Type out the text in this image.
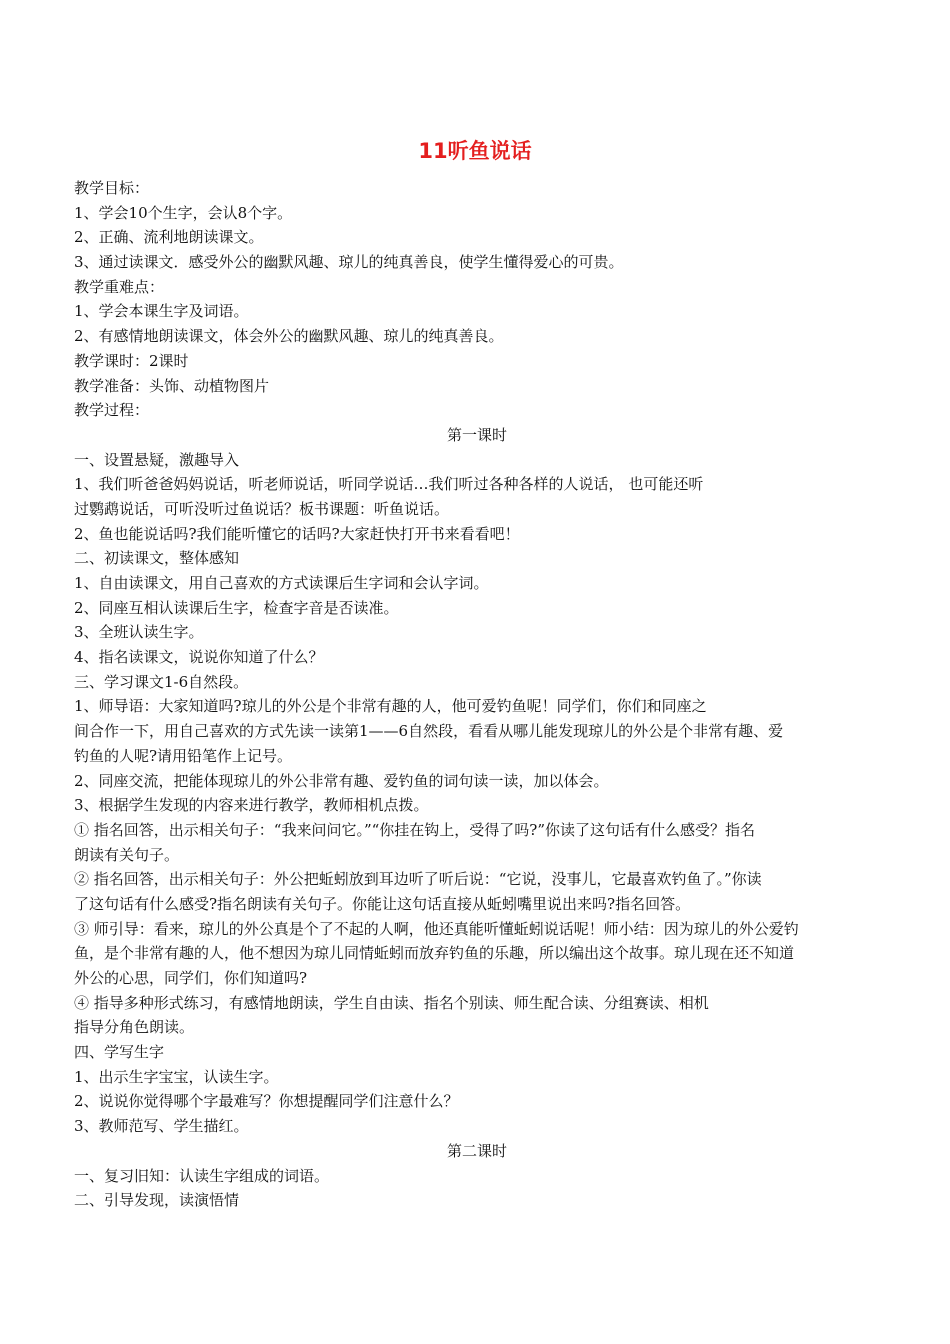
11听鱼说话
教学目标：
1、学会10个生字，会认8个字。
2、正确、流利地朗读课文。
3、通过读课文．感受外公的幽默风趣、琼儿的纯真善良，使学生懂得爱心的可贵。
教学重难点：
1、学会本课生字及词语。
2、有感情地朗读课文，体会外公的幽默风趣、琼儿的纯真善良。
教学课时：2课时
教学准备：头饰、动植物图片
教学过程：
第一课时
一、设置悬疑，激趣导入
1、我们听爸爸妈妈说话，听老师说话，听同学说话…我们听过各种各样的人说话， 也可能还听
过鹦鹉说话，可听没听过鱼说话？板书课题：听鱼说话。
2、鱼也能说话吗?我们能听懂它的话吗?大家赶快打开书来看看吧！
二、初读课文，整体感知
1、自由读课文，用自己喜欢的方式读课后生字词和会认字词。
2、同座互相认读课后生字，检查字音是否读准。
3、全班认读生字。
4、指名读课文，说说你知道了什么？
三、学习课文1-6自然段。
1、师导语：大家知道吗?琼儿的外公是个非常有趣的人，他可爱钓鱼呢！同学们，你们和同座之
间合作一下，用自己喜欢的方式先读一读第1——6自然段，看看从哪儿能发现琼儿的外公是个非常有趣、爱
钓鱼的人呢?请用铅笔作上记号。
2、同座交流，把能体现琼儿的外公非常有趣、爱钓鱼的词句读一读，加以体会。
3、根据学生发现的内容来进行教学，教师相机点拨。
① 指名回答，出示相关句子：“我来问问它。”“你挂在钩上，受得了吗?”你读了这句话有什么感受？指名
朗读有关句子。
② 指名回答，出示相关句子：外公把蚯蚓放到耳边听了听后说：“它说，没事儿，它最喜欢钓鱼了。”你读
了这句话有什么感受?指名朗读有关句子。你能让这句话直接从蚯蚓嘴里说出来吗?指名回答。
③ 师引导：看来，琼儿的外公真是个了不起的人啊，他还真能听懂蚯蚓说话呢！师小结：因为琼儿的外公爱钓
鱼，是个非常有趣的人，他不想因为琼儿同情蚯蚓而放弃钓鱼的乐趣，所以编出这个故事。琼儿现在还不知道
外公的心思，同学们，你们知道吗?
④ 指导多种形式练习，有感情地朗读，学生自由读、指名个别读、师生配合读、分组赛读、相机
指导分角色朗读。
四、学写生字
1、出示生字宝宝，认读生字。
2、说说你觉得哪个字最难写？你想提醒同学们注意什么？
3、教师范写、学生描红。
第二课时
一、复习旧知：认读生字组成的词语。
二、引导发现，读演悟情
